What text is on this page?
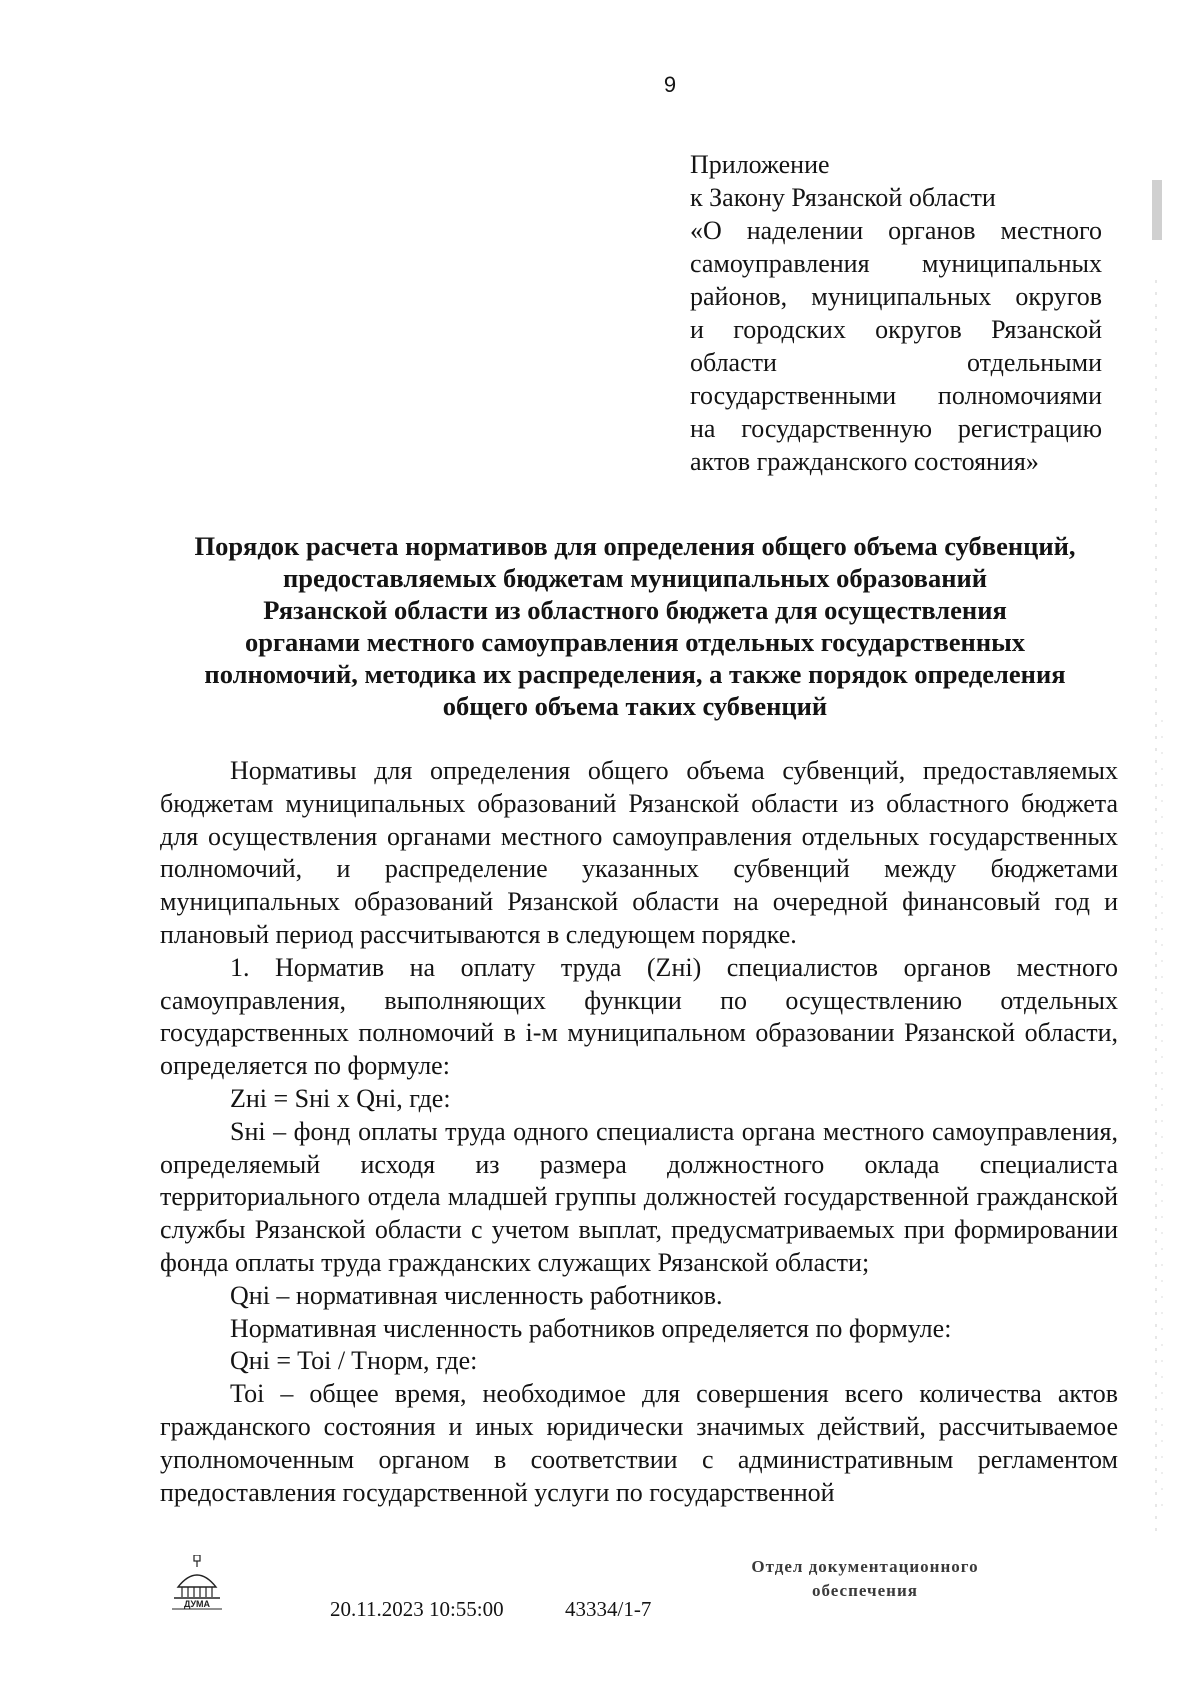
9
Приложение
к Закону Рязанской области
«О наделении органов местного
самоуправления муниципальных
районов, муниципальных округов
и городских округов Рязанской
области отдельными
государственными полномочиями
на государственную регистрацию
актов гражданского состояния»
Порядок расчета нормативов для определения общего объема субвенций,
предоставляемых бюджетам муниципальных образований
Рязанской области из областного бюджета для осуществления
органами местного самоуправления отдельных государственных
полномочий, методика их распределения, а также порядок определения
общего объема таких субвенций

Нормативы для определения общего объема субвенций, предоставляемых бюджетам муниципальных образований Рязанской области из областного бюджета для осуществления органами местного самоуправления отдельных государственных полномочий, и распределение указанных субвенций между бюджетами муниципальных образований Рязанской области на очередной финансовый год и плановый период рассчитываются в следующем порядке.

1. Норматив на оплату труда (Zнi) специалистов органов местного самоуправления, выполняющих функции по осуществлению отдельных государственных полномочий в i-м муниципальном образовании Рязанской области, определяется по формуле:

Zнi = Sнi x Qнi, где:

Sнi – фонд оплаты труда одного специалиста органа местного самоуправления, определяемый исходя из размера должностного оклада специалиста территориального отдела младшей группы должностей государственной гражданской службы Рязанской области с учетом выплат, предусматриваемых при формировании фонда оплаты труда гражданских служащих Рязанской области;

Qнi – нормативная численность работников.

Нормативная численность работников определяется по формуле:

Qнi = Toi / Tнорм, где:

Toi – общее время, необходимое для совершения всего количества актов гражданского состояния и иных юридически значимых действий, рассчитываемое уполномоченным органом в соответствии с административным регламентом предоставления государственной услуги по государственной

ДУМА	20.11.2023 10:55:00	43334/1-7
Отдел документационного
обеспечения
